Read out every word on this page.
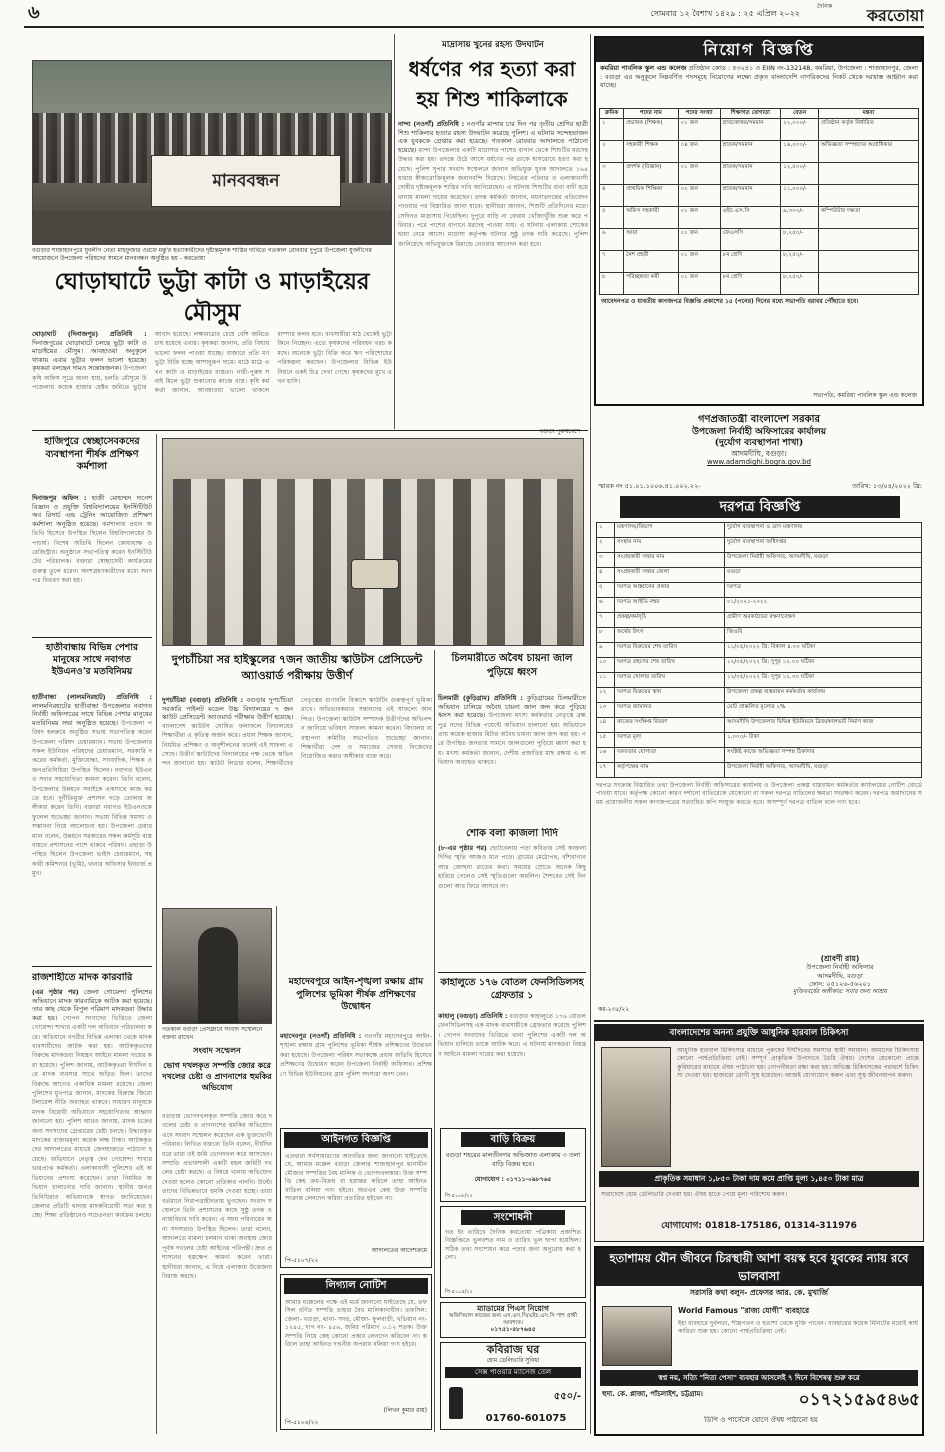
৬	সোমবার ১২ বৈশাখ ১৪২৯ : ২৫ এপ্রিল ২০২২
দৈনিক	করতোয়া
মানববন্ধন
বগুড়ার শাজাহানপুরে যুবলীগ নেতা মাহফুজার ওরফে মন্তু'র হত্যাকারীদের দৃষ্টান্তমূলক শাস্তির দাবিতে গতকাল রোববার দুপুরে উপজেলা যুবলীগের আয়োজনে উপজেলা পরিষদের সামনে মানববন্ধন অনুষ্ঠিত হয় - করতোয়া
মাদ্রাসায় খুনের রহস্য উদঘাটন
ধর্ষণের পর হত্যা করা হয় শিশু শাকিলাকে
নান্দ্য (নওগাঁ) প্রতিনিধি : নওগাঁর মান্দায় চার দিন পর তৃতীয় শ্রেণির ছাত্রী শিশু শাকিলার হত্যার রহস্য উদঘাটন করেছে পুলিশ। এ ঘটনায় সন্দেহভাজন এক যুবককে গ্রেপ্তার করা হয়েছে। গতকাল রোববার আদালতে পাঠানো হয়েছে। মান্দা উপজেলার একটি মাদ্রাসার পাশের বাগান থেকে শিশুটির মরদেহ উদ্ধার করা হয়। তদন্তে উঠে আসে ধর্ষণের পর তাকে শ্বাসরোধে হত্যা করা হয়েছে। পুলিশ সুপার সংবাদ সম্মেলনে জানান অভিযুক্ত যুবক আদালতে ১৬৪ ধারায় স্বীকারোক্তিমূলক জবানবন্দি দিয়েছে। নিহতের পরিবার ও এলাকাবাসী দোষীর দৃষ্টান্তমূলক শাস্তির দাবি জানিয়েছেন। এ ঘটনায় শিশুটির বাবা বাদী হয়ে থানায় মামলা দায়ের করেছেন। তদন্ত কর্মকর্তা জানান, ময়নাতদন্তের প্রতিবেদন পাওয়ার পর বিস্তারিত জানা যাবে। স্থানীয়রা জানান, শিশুটি প্রতিদিনের মতো সেদিনও মাদ্রাসায় গিয়েছিল। দুপুরে বাড়ি না ফেরায় খোঁজাখুঁজি শুরু করে পরিবার। পরে পাশের বাগানে মরদেহ পাওয়া যায়। এ ঘটনায় এলাকায় শোকের ছায়া নেমে আসে। মাদ্রাসা কর্তৃপক্ষ ঘটনার সুষ্ঠু তদন্ত দাবি করেছে। পুলিশ জানিয়েছে অভিযুক্তকে রিমান্ডে নেওয়ার আবেদন করা হবে।
ঘোড়াঘাটে ভুট্টা কাটা ও মাড়াইয়ের মৌসুম
ঘোড়াঘাট (দিনাজপুর) প্রতিনিধি : দিনাজপুরের ঘোড়াঘাটে চলছে ভুট্টা কাটা ও মাড়াইয়ের মৌসুম। আবহাওয়া অনুকূলে থাকায় এবার ভুট্টার ফলন ভালো হয়েছে। কৃষকরা বলছেন দামও সন্তোষজনক। উপজেলা কৃষি অফিস সূত্রে জানা যায়, চলতি মৌসুমে উপজেলায় কয়েক হাজার হেক্টর জমিতে ভুট্টার আবাদ হয়েছে। লক্ষ্যমাত্রার চেয়ে বেশি জমিতে চাষ হয়েছে এবার। কৃষকরা জানান, প্রতি বিঘায় ভালো ফলন পাওয়া যাচ্ছে। বাজারে প্রতি মণ ভুট্টা বিক্রি হচ্ছে আশানুরূপ দামে। মাঠে মাঠে এখন কাটা ও মাড়াইয়ের ব্যস্ততা। নারী-পুরুষ সবাই মিলে ভুট্টা শুকানোর কাজে ব্যস্ত। কৃষি কর্মকর্তা জানান, আবহাওয়া ভালো থাকলে বাম্পার ফলন হবে। ব্যবসায়ীরা মাঠ থেকেই ভুট্টা কিনে নিচ্ছেন। এতে কৃষকদের পরিবহন খরচ কমছে। অনেকে ভুট্টা বিক্রি করে ঋণ পরিশোধের পরিকল্পনা করছেন। উপজেলার বিভিন্ন ইউনিয়নে একই চিত্র দেখা গেছে। কৃষকদের মুখে এখন হাসি।
হাজিপুরে স্বেচ্ছাসেবকদের ব্যবস্থাপনা শীর্ষক প্রশিক্ষণ কর্মশালা
দিনাজপুর অফিস : হাজী মোহাম্মদ দানেশ বিজ্ঞান ও প্রযুক্তি বিশ্ববিদ্যালয়ের ইনস্টিটিউট অব রিসার্চ এন্ড ট্রেনিং আয়োজিত প্রশিক্ষণ কর্মশালা অনুষ্ঠিত হয়েছে। কর্মশালায় প্রধান অতিথি হিসেবে উপস্থিত ছিলেন বিশ্ববিদ্যালয়ের উপাচার্য। বিশেষ অতিথি ছিলেন কোষাধ্যক্ষ ও রেজিস্ট্রার। অনুষ্ঠানে সভাপতিত্ব করেন ইনস্টিটিউটের পরিচালক। বক্তারা স্বেচ্ছাসেবী কার্যক্রমের গুরুত্ব তুলে ধরেন। অংশগ্রহণকারীদের মধ্যে সনদপত্র বিতরণ করা হয়।
হাতীবান্ধায় বিভিন্ন পেশার মানুষের সাথে নবাগত ইউএনও'র মতবিনিময়
হাতীবান্ধা (লালমনিরহাট) প্রতিনিধি : লালমনিরহাটের হাতীবান্ধা উপজেলার নবাগত নির্বাহী অফিসারের সাথে বিভিন্ন পেশার মানুষের মতবিনিময় সভা অনুষ্ঠিত হয়েছে। উপজেলা পরিষদ হলরুমে অনুষ্ঠিত সভায় সভাপতিত্ব করেন উপজেলা পরিষদ চেয়ারম্যান। সভায় উপজেলার সকল ইউনিয়ন পরিষদের চেয়ারম্যান, সরকারি দপ্তরের কর্মকর্তা, মুক্তিযোদ্ধা, সাংবাদিক, শিক্ষক ও জনপ্রতিনিধিরা উপস্থিত ছিলেন। নবাগত ইউএনও সবার সহযোগিতা কামনা করেন। তিনি বলেন, উপজেলার উন্নয়নে সবাইকে একসাথে কাজ করতে হবে। দুর্নীতিমুক্ত প্রশাসন গড়ে তোলার অঙ্গীকার করেন তিনি। বক্তারা নবাগত ইউএনওকে ফুলেল শুভেচ্ছা জানান। সভায় বিভিন্ন সমস্যা ও সম্ভাবনা নিয়ে আলোচনা হয়। উপজেলা চেয়ারম্যান বলেন, উন্নয়নে সরকারের সকল কর্মসূচি বাস্তবায়নে প্রশাসনের পাশে থাকবে পরিষদ। এছাড়া উপস্থিত ছিলেন উপজেলা ভাইস চেয়ারম্যান, সহকারী কমিশনার (ভূমি), থানার অফিসার ইনচার্জ প্রমুখ।
রাজশাহীতে মাদক কারবারি
(এর পৃষ্ঠার পর) জেলা গোয়েন্দা পুলিশের অভিযানে মাদক কারবারিকে আটক করা হয়েছে। তার কাছ থেকে বিপুল পরিমাণ মাদকদ্রব্য উদ্ধার করা হয়। গোপন সংবাদের ভিত্তিতে জেলা গোয়েন্দা শাখার একটি দল অভিযান পরিচালনা করে। অভিযানে নগরীর বিভিন্ন এলাকা থেকে মাদক ব্যবসায়ীদের আটক করা হয়। আটককৃতদের বিরুদ্ধে মাদকদ্রব্য নিয়ন্ত্রণ আইনে মামলা দায়ের করা হয়েছে। পুলিশ জানায়, আটককৃতরা দীর্ঘদিন ধরে মাদক ব্যবসার সাথে জড়িত ছিল। তাদের বিরুদ্ধে আগেও একাধিক মামলা রয়েছে। জেলা পুলিশের মুখপাত্র জানান, মাদকের বিরুদ্ধে জিরো টলারেন্স নীতি অব্যাহত থাকবে। সাধারণ মানুষকে মাদক বিরোধী অভিযানে সহযোগিতার আহ্বান জানানো হয়। পুলিশ আরও জানায়, মাদক চক্রের অন্য সদস্যদের গ্রেপ্তারের চেষ্টা চলছে। উদ্ধারকৃত মাদকের বাজারমূল্য কয়েক লক্ষ টাকা। আটককৃতদের আদালতের মাধ্যমে জেলহাজতে পাঠানো হয়েছে। অভিযানে নেতৃত্ব দেন গোয়েন্দা শাখার ভারপ্রাপ্ত কর্মকর্তা। এলাকাবাসী পুলিশের এই অভিযানের প্রশংসা করেছেন। তারা নিয়মিত অভিযান চালানোর দাবি জানান। স্থানীয় জনপ্রতিনিধিরাও অভিযানকে স্বাগত জানিয়েছেন। জেলার প্রতিটি থানায় মাদকবিরোধী সভা করা হচ্ছে। শিক্ষা প্রতিষ্ঠানেও সচেতনতা কার্যক্রম চলছে।
বগুড়া পুরুষবেশে
দুপচাঁচিয়া সর হাইস্কুলের ৭জন জাতীয় স্কাউটস প্রেসিডেন্ট অ্যাওয়ার্ড পরীক্ষায় উত্তীর্ণ
দুপচাঁচিয়া (বগুড়া) প্রতিনিধি : বগুড়ার দুপচাঁচিয়া সরকারি পাইলট মডেল উচ্চ বিদ্যালয়ের ৭ জন স্কাউট প্রেসিডেন্ট অ্যাওয়ার্ড পরীক্ষায় উত্তীর্ণ হয়েছে। বাংলাদেশ স্কাউটস ঘোষিত ফলাফলে বিদ্যালয়ের শিক্ষার্থীরা এ কৃতিত্ব অর্জন করে। প্রধান শিক্ষক জানান, নিয়মিত প্রশিক্ষণ ও অনুশীলনের ফলেই এই সাফল্য এসেছে। উত্তীর্ণ স্কাউটদের বিদ্যালয়ের পক্ষ থেকে অভিনন্দন জানানো হয়। স্কাউট লিডার বলেন, শিক্ষার্থীদের নেতৃত্বের গুণাবলি বিকাশে স্কাউটিং গুরুত্বপূর্ণ ভূমিকা রাখে। অভিভাবকরাও সন্তানদের এই সাফল্যে আনন্দিত। উপজেলা স্কাউটস সম্পাদক উত্তীর্ণদের অভিনন্দন জানিয়ে ভবিষ্যৎ সাফল্য কামনা করেন। বিদ্যালয় ব্যবস্থাপনা কমিটির সভাপতিও শুভেচ্ছা জানান। শিক্ষার্থীরা দেশ ও সমাজের সেবায় নিজেদের নিয়োজিত করার অঙ্গীকার ব্যক্ত করে।
গতকাল বগুড়া প্রেসক্লাবে সংবাদ সম্মেলনে বক্তব্য রাখেন
সংবাদ সম্মেলন
ভোগ দখলকৃত সম্পত্তি জোর করে দখলের চেষ্টা ও প্রাণনাশের হুমকির অভিযোগ
বগুড়ায় ভোগদখলকৃত সম্পত্তি জোর করে দখলের চেষ্টা ও প্রাণনাশের হুমকির অভিযোগ এনে সংবাদ সম্মেলন করেছেন এক ভুক্তভোগী পরিবার। লিখিত বক্তব্যে তিনি বলেন, দীর্ঘদিন ধরে তারা ওই জমি ভোগদখল করে আসছেন। সম্প্রতি প্রভাবশালী একটি মহল জমিটি দখলের চেষ্টা করছে। এ বিষয়ে থানায় অভিযোগ দেওয়া হলেও কোনো প্রতিকার পাননি। উল্টো তাদের বিভিন্নভাবে হুমকি দেওয়া হচ্ছে। তারা বর্তমানে নিরাপত্তাহীনতায় ভুগছেন। সংবাদ সম্মেলনে তিনি প্রশাসনের কাছে সুষ্ঠু তদন্ত ও ন্যায়বিচার দাবি করেন। এ সময় পরিবারের অন্য সদস্যরাও উপস্থিত ছিলেন। তারা বলেন, আদালতে মামলা চলমান থাকা অবস্থায় জোরপূর্বক দখলের চেষ্টা আইনের পরিপন্থী। দ্রুত প্রশাসনের হস্তক্ষেপ কামনা করেন তারা। স্থানীয়রা জানান, এ নিয়ে এলাকায় উত্তেজনা বিরাজ করছে।
মহাদেবপুরে আইন-শৃঙ্খলা রক্ষায় গ্রাম পুলিশের ভূমিকা শীর্ষক প্রশিক্ষণের উদ্বোধন
মহাদেবপুর (নওগাঁ) প্রতিনিধি : নওগাঁর মহাদেবপুরে আইন-শৃঙ্খলা রক্ষায় গ্রাম পুলিশের ভূমিকা শীর্ষক প্রশিক্ষণের উদ্বোধন করা হয়েছে। উপজেলা পরিষদ সভাকক্ষে প্রধান অতিথি হিসেবে প্রশিক্ষণের উদ্বোধন করেন উপজেলা নির্বাহী অফিসার। প্রশিক্ষণে বিভিন্ন ইউনিয়নের গ্রাম পুলিশ সদস্যরা অংশ নেন।
আইনগত বিজ্ঞপ্তি
এতদ্বারা সর্বসাধারণের অবগতির জন্য জানানো যাইতেছে যে, আমার মক্কেল বগুড়া জেলার শাজাহানপুর থানাধীন মৌজার সম্পত্তির বৈধ মালিক ও ভোগদখলকার। উক্ত সম্পত্তি কেহ ক্রয়-বিক্রয় বা হস্তান্তর করিলে তাহা আইনত বাতিল বলিয়া গণ্য হইবে। অতএব কেহ উক্ত সম্পত্তি সংক্রান্ত লেনদেন করিয়া প্রতারিত হইবেন না।
আদালতের আদেশক্রমে
পি-৫১০৭/২২
লিগ্যাল নোটিশ
আমার মক্কেলের পক্ষে এই মর্মে জানানো যাইতেছে যে, তফসিল বর্ণিত সম্পত্তি তাহার বৈধ মালিকানাধীন। তফসিল: জেলা- বগুড়া, থানা- সদর, মৌজা- ফুলবাড়ী, খতিয়ান নং- ১২৪৫, দাগ নং- ৪৫৬, জমির পরিমাণ ০.১২ শতক। উক্ত সম্পত্তি নিয়ে কেহ কোনো প্রকার লেনদেন করিবেন না। করিলে তাহা আইনত দণ্ডনীয় অপরাধ বলিয়া গণ্য হইবে।
(লিখন কুমার রায়)
পি-৫১০৬/২২
চিলমারীতে অবৈধ চায়না জাল পুড়িয়ে ধ্বংস
চিলমারী (কুড়িগ্রাম) প্রতিনিধি : কুড়িগ্রামের চিলমারীতে অভিযান চালিয়ে অবৈধ চায়না জাল জব্দ করে পুড়িয়ে ধ্বংস করা হয়েছে। উপজেলা মৎস্য কর্মকর্তার নেতৃত্বে ব্রহ্মপুত্র নদের বিভিন্ন পয়েন্টে অভিযান চালানো হয়। অভিযানে প্রায় কয়েক হাজার মিটার অবৈধ চায়না জাল জব্দ করা হয়। পরে উপস্থিত জনতার সামনে জালগুলো পুড়িয়ে ধ্বংস করা হয়। মৎস্য কর্মকর্তা জানান, দেশীয় প্রজাতির মাছ রক্ষায় এ অভিযান অব্যাহত থাকবে।
শোক বলা কাজলা দিদি
(৮-এর পৃষ্ঠার পর) ছোটবেলায় পড়া কবিতার সেই কাজলা দিদির স্মৃতি আজও মনে পড়ে। গ্রামের মেঠোপথ, বাঁশবাগান আর জোছনা রাতের কথা। সময়ের স্রোতে অনেক কিছু হারিয়ে গেলেও সেই স্মৃতিগুলো অমলিন। শৈশবের সেই দিনগুলো আর ফিরে আসবে না।
কাহালুতে ১৭৬ বোতল ফেনসিডিলসহ গ্রেফতার ১
কাহালু (বগুড়া) প্রতিনিধি : বগুড়ার কাহালুতে ১৭৬ বোতল ফেনসিডিলসহ এক মাদক ব্যবসায়ীকে গ্রেফতার করেছে পুলিশ। গোপন সংবাদের ভিত্তিতে থানা পুলিশের একটি দল অভিযান চালিয়ে তাকে আটক করে। এ ঘটনায় মাদকদ্রব্য নিয়ন্ত্রণ আইনে মামলা দায়ের করা হয়েছে।
বাড়ি বিক্রয়
বগুড়া শহরের মালতীনগর অভিজাত এলাকায় ৩ তলা বাড়ি বিক্রয় হবে।
যোগাযোগ : ০১৭১১-০৯৮৭৬৫
পি-৫১০৮/২২
সংশোধনী
গত ইং তারিখে দৈনিক করতোয়া পত্রিকায় প্রকাশিত বিজ্ঞপ্তিতে ভুলবশত নাম ও তারিখ ভুল ছাপা হয়েছিল। সঠিক তথ্য সংশোধন করে পড়ার জন্য অনুরোধ করা হলো।
পি-৫১০৫/২২
ম্যাডামের পিএস নিয়োগ
অফিসিয়াল কাজের জন্য এস.এস.সি/এইচ.এস.সি পাশ প্রার্থী আবশ্যক।
০১৭৫১-৫৮৭৬৪৫
কবিরাজ ঘর
হোম ডেলিভারি সুবিধা
সেক্স পাওয়ার ম্যাসেজ তেল
৫৫০/-
01760-601075
নিয়োগ বিজ্ঞপ্তি
কমরিয়া পাবলিক স্কুল এন্ড কলেজ প্রতিষ্ঠান কোড : ৫৩২৪১ ও EIIN নং-132148, কমরিয়া, উপজেলা : শাজাহানপুর, জেলা : বগুড়া এর অনুকূলে নিম্নবর্ণিত পদসমূহে নিয়োগের লক্ষ্যে প্রকৃত বাংলাদেশি নাগরিকদের নিকট থেকে দরখাস্ত আহ্বান করা যাচ্ছে।
ক্রমিক	পদের নাম	পদের সংখ্যা	শিক্ষাগত যোগ্যতা	বেতন	মন্তব্য
১	প্রভাষক (শিক্ষক)	০১ জন	স্নাতকোত্তর/সমমান	২২,০০০/-	প্রতিষ্ঠান কর্তৃক নির্ধারিত
২	সহকারী শিক্ষক	০৪ জন	স্নাতক/সমমান	১৬,০০০/-	অভিজ্ঞতা সম্পন্নদের অগ্রাধিকার
৩	প্রদর্শক (বিজ্ঞান)	০১ জন	স্নাতক/সমমান	১২,৫০০/-	
৪	প্রাথমিক শিক্ষিকা	০২ জন	স্নাতক/সমমান	১১,০০০/-	
৫	অফিস সহকারী	০১ জন	এইচ.এস.সি	৯,৩০০/-	কম্পিউটার দক্ষতা
৬	আয়া	০১ জন	জেএসসি	৮,২৫০/-	
৭	নৈশ প্রহরী	০১ জন	৮ম শ্রেণি	৮,২৫০/-	
৮	পরিচ্ছন্নতা কর্মী	০১ জন	৮ম শ্রেণি	৮,২৫০/-	
আবেদনপত্র ও যাবতীয় কাগজপত্র বিজ্ঞপ্তি প্রকাশের ১৫ (পনের) দিনের মধ্যে সভাপতি বরাবর পৌঁছাতে হবে।
সভাপতি, কমরিয়া পাবলিক স্কুল এন্ড কলেজ
গণপ্রজাতন্ত্রী বাংলাদেশ সরকার
উপজেলা নির্বাহী অফিসারের কার্যালয়
(দুর্যোগ ব্যবস্থাপনা শাখা)
আদমদীঘি, বগুড়া।
www.adamdighi.bogra.gov.bd
স্মারক নং ৫১.০১.১০০৬.৪১.০০২.২২-	তারিখ: ১৩/০৪/২০২২ খ্রি:
দরপত্র বিজ্ঞপ্তি
১	মন্ত্রণালয়/বিভাগ	দুর্যোগ ব্যবস্থাপনা ও ত্রাণ মন্ত্রণালয়
২	সংস্থার নাম	দুর্যোগ ব্যবস্থাপনা অধিদপ্তর
৩	সংগ্রহকারী সত্তার নাম	উপজেলা নির্বাহী অফিসার, আদমদীঘি, বগুড়া
৪	সংগ্রহকারী সত্তার জেলা	বগুড়া
৫	দরপত্র আহ্বানের প্রকার	দরপত্র
৬	দরপত্র আইডি নম্বর	০১/২০২১-২০২২
৭	প্রকল্প/কর্মসূচি	গ্রামীণ অবকাঠামো রক্ষণাবেক্ষণ
৮	অর্থের উৎস	জিওবি
৯	দরপত্র বিক্রয়ের শেষ তারিখ	১১/০৫/২০২২ খ্রি: বিকাল ৪.০০ ঘটিকা
১০	দরপত্র গ্রহণের শেষ তারিখ	১২/০৫/২০২২ খ্রি: দুপুর ১২.০০ ঘটিকা
১১	দরপত্র খোলার তারিখ	১২/০৫/২০২২ খ্রি: দুপুর ১২.৩০ ঘটিকা
১২	দরপত্র বিক্রয়ের স্থান	উপজেলা প্রকল্প বাস্তবায়ন কর্মকর্তার কার্যালয়
১৩	দরপত্র জামানত	মোট প্রাক্কলিত মূল্যের ২%
১৪	কাজের সংক্ষিপ্ত বিবরণ	আদমদীঘি উপজেলার বিভিন্ন ইউনিয়নে ব্রিজ/কালভার্ট নির্মাণ কাজ
১৫	দরপত্র মূল্য	১,০০০/- টাকা
১৬	দরদাতার যোগ্যতা	সংশ্লিষ্ট কাজে অভিজ্ঞতা সম্পন্ন ঠিকাদার
১৭	কর্তৃপক্ষের নাম	উপজেলা নির্বাহী অফিসার, আদমদীঘি, বগুড়া
দরপত্র সংক্রান্ত বিস্তারিত তথ্য উপজেলা নির্বাহী অফিসারের কার্যালয় ও উপজেলা প্রকল্প বাস্তবায়ন কর্মকর্তার কার্যালয়ের নোটিশ বোর্ডে পাওয়া যাবে। কর্তৃপক্ষ কোনো কারণ দর্শানো ব্যতিরেকে যেকোনো বা সকল দরপত্র বাতিলের ক্ষমতা সংরক্ষণ করেন। দরপত্র জমাদানের সময় প্রয়োজনীয় সকল কাগজপত্রের সত্যায়িত কপি সংযুক্ত করতে হবে। অসম্পূর্ণ দরপত্র বাতিল বলে গণ্য হবে।
(শ্রাবণী রায়)
উপজেলা নির্বাহী অফিসার
আদমদীঘি, বগুড়া
ফোন: ০৫১২৬-৫৬২০১
মুজিববর্ষের অঙ্গীকার: সবার জন্য আশ্রয়
কর-২৩৫/২২
বাংলাদেশের অনন্য প্রযুক্তি আধুনিক হারবাল চিকিৎসা
আধুনিক হারবাল চিকিৎসার মাধ্যমে পুরুষের দীর্ঘদিনের সমস্যার স্থায়ী সমাধান। আমাদের চিকিৎসায় কোনো পার্শ্বপ্রতিক্রিয়া নেই। সম্পূর্ণ প্রাকৃতিক উপাদানে তৈরি ঔষধ। দেশের যেকোনো প্রান্তে কুরিয়ারের মাধ্যমে ঔষধ পাঠানো হয়। গোপনীয়তা রক্ষা করা হয়। অভিজ্ঞ চিকিৎসকের পরামর্শে চিকিৎসা দেওয়া হয়। হাজারো রোগী সুস্থ হয়েছেন। আজই যোগাযোগ করুন এবং সুস্থ জীবনযাপন করুন।
প্রাকৃতিক সমাধান ১,৮৫০ টাকা দাম কমে প্রাপ্তি মূল্য ১,৪৫০ টাকা মাত্র
সারাদেশে হোম ডেলিভারি দেওয়া হয়। ঔষধ হাতে পেয়ে মূল্য পরিশোধ করুন।
যোগাযোগ: 01818-175186, 01314-311976
হতাশাময় যৌন জীবনে চিরস্থায়ী আশা বয়স্ক হবে যুবকের ন্যায় রবে ভালবাসা
সরাসরি কথা বলুন- প্রফেসর আর. কে. মুখার্জি
World Famous "রাজ্য যোগী" ব্যবহারে
ইহা ব্যবহারে দুর্বলতা, শীঘ্রপতন ও হতাশা থেকে মুক্তি পাবেন। ব্যবহারের কয়েক মিনিটের মধ্যেই কার্যকারিতা শুরু হয়। কোনো পার্শ্বপ্রতিক্রিয়া নেই।
স্বপ্ন নয়, সত্যি "নিত্য পেসা" ব্যবহার আসলেই ৭ দিনে বিশেষত্ব শুরু করে
হুদা. কে. প্লাজা, পাঁচলাইশ, চট্টগ্রাম।	০১৭২১৫৯৫৪৬৫
ডিপি ও পার্সেলে যোগে ঔষধ পাঠানো হয়
